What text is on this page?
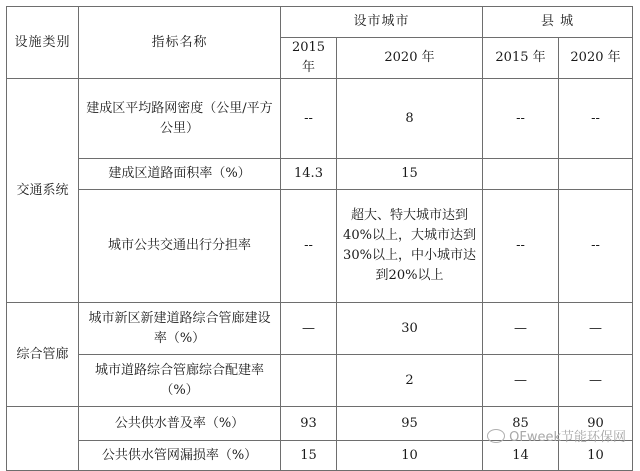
设施类别	指标名称	设市城市		县 城	
		2015 年	2020 年	2015 年	2020 年
交通系统	建成区平均路网密度（公里/平方公里）	--	8	--	--
	建成区道路面积率（%）	14.3	15		
	城市公共交通出行分担率	--	超大、特大城市达到40%以上，大城市达到30%以上，中小城市达到20%以上	--	--
综合管廊	城市新区新建道路综合管廊建设率（%）	—	30	—	—
	城市道路综合管廊综合配建率（%）		2	—	—
	公共供水普及率（%）	93	95	85	90
	公共供水管网漏损率（%）	15	10	14	10
OFweek节能环保网
